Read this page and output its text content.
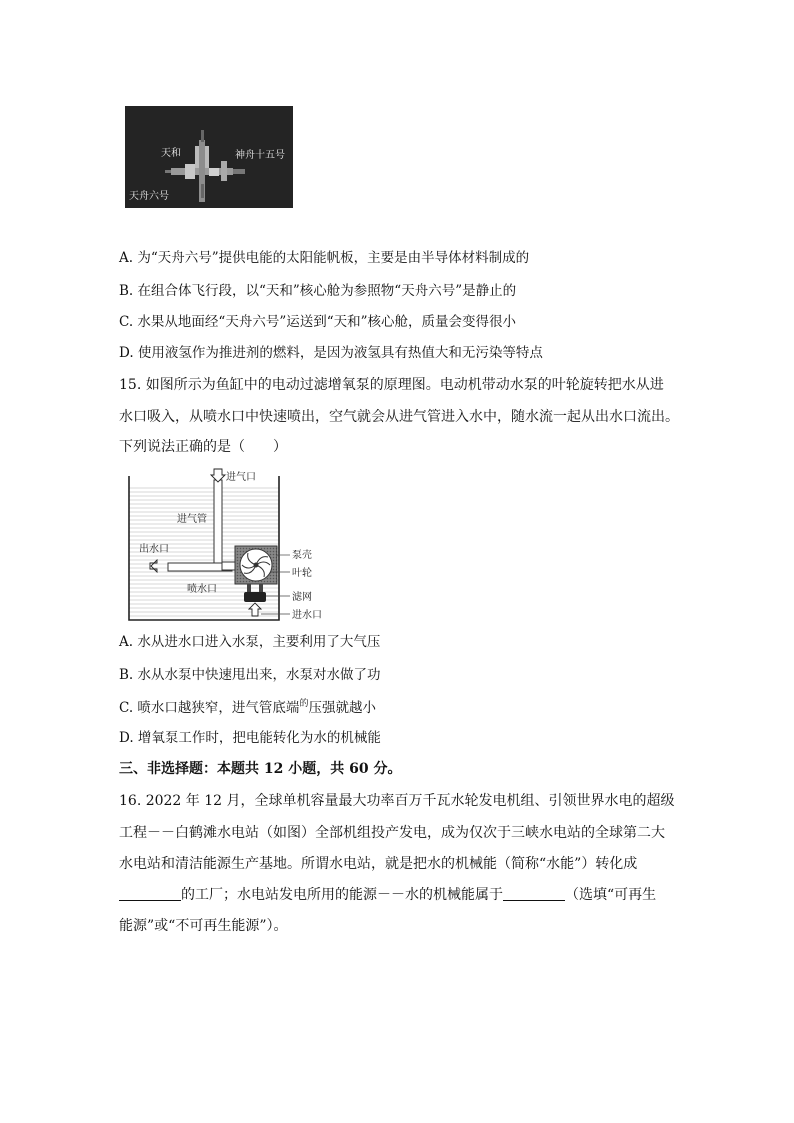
天和	神舟十五号
天舟六号
A. 为“天舟六号”提供电能的太阳能帆板，主要是由半导体材料制成的
B. 在组合体飞行段，以“天和”核心舱为参照物“天舟六号”是静止的
C. 水果从地面经“天舟六号”运送到“天和”核心舱，质量会变得很小
D. 使用液氢作为推进剂的燃料，是因为液氢具有热值大和无污染等特点
15. 如图所示为鱼缸中的电动过滤增氧泵的原理图。电动机带动水泵的叶轮旋转把水从进
水口吸入，从喷水口中快速喷出，空气就会从进气管进入水中，随水流一起从出水口流出。
下列说法正确的是（　　）
进气口
进气管
出水口
泵壳
叶轮
喷水口
滤网
进水口
A. 水从进水口进入水泵，主要利用了大气压
B. 水从水泵中快速甩出来，水泵对水做了功
C. 喷水口越狭窄，进气管底端$^的$压强就越小
D. 增氧泵工作时，把电能转化为水的机械能
三、非选择题：本题共 12 小题，共 60 分。
16. 2022 年 12 月，全球单机容量最大功率百万千瓦水轮发电机组、引领世界水电的超级
工程－－白鹤滩水电站（如图）全部机组投产发电，成为仅次于三峡水电站的全球第二大
水电站和清洁能源生产基地。所谓水电站，就是把水的机械能（简称“水能”）转化成
的工厂；水电站发电所用的能源－－水的机械能属于	（选填“可再生
能源”或“不可再生能源”）。
